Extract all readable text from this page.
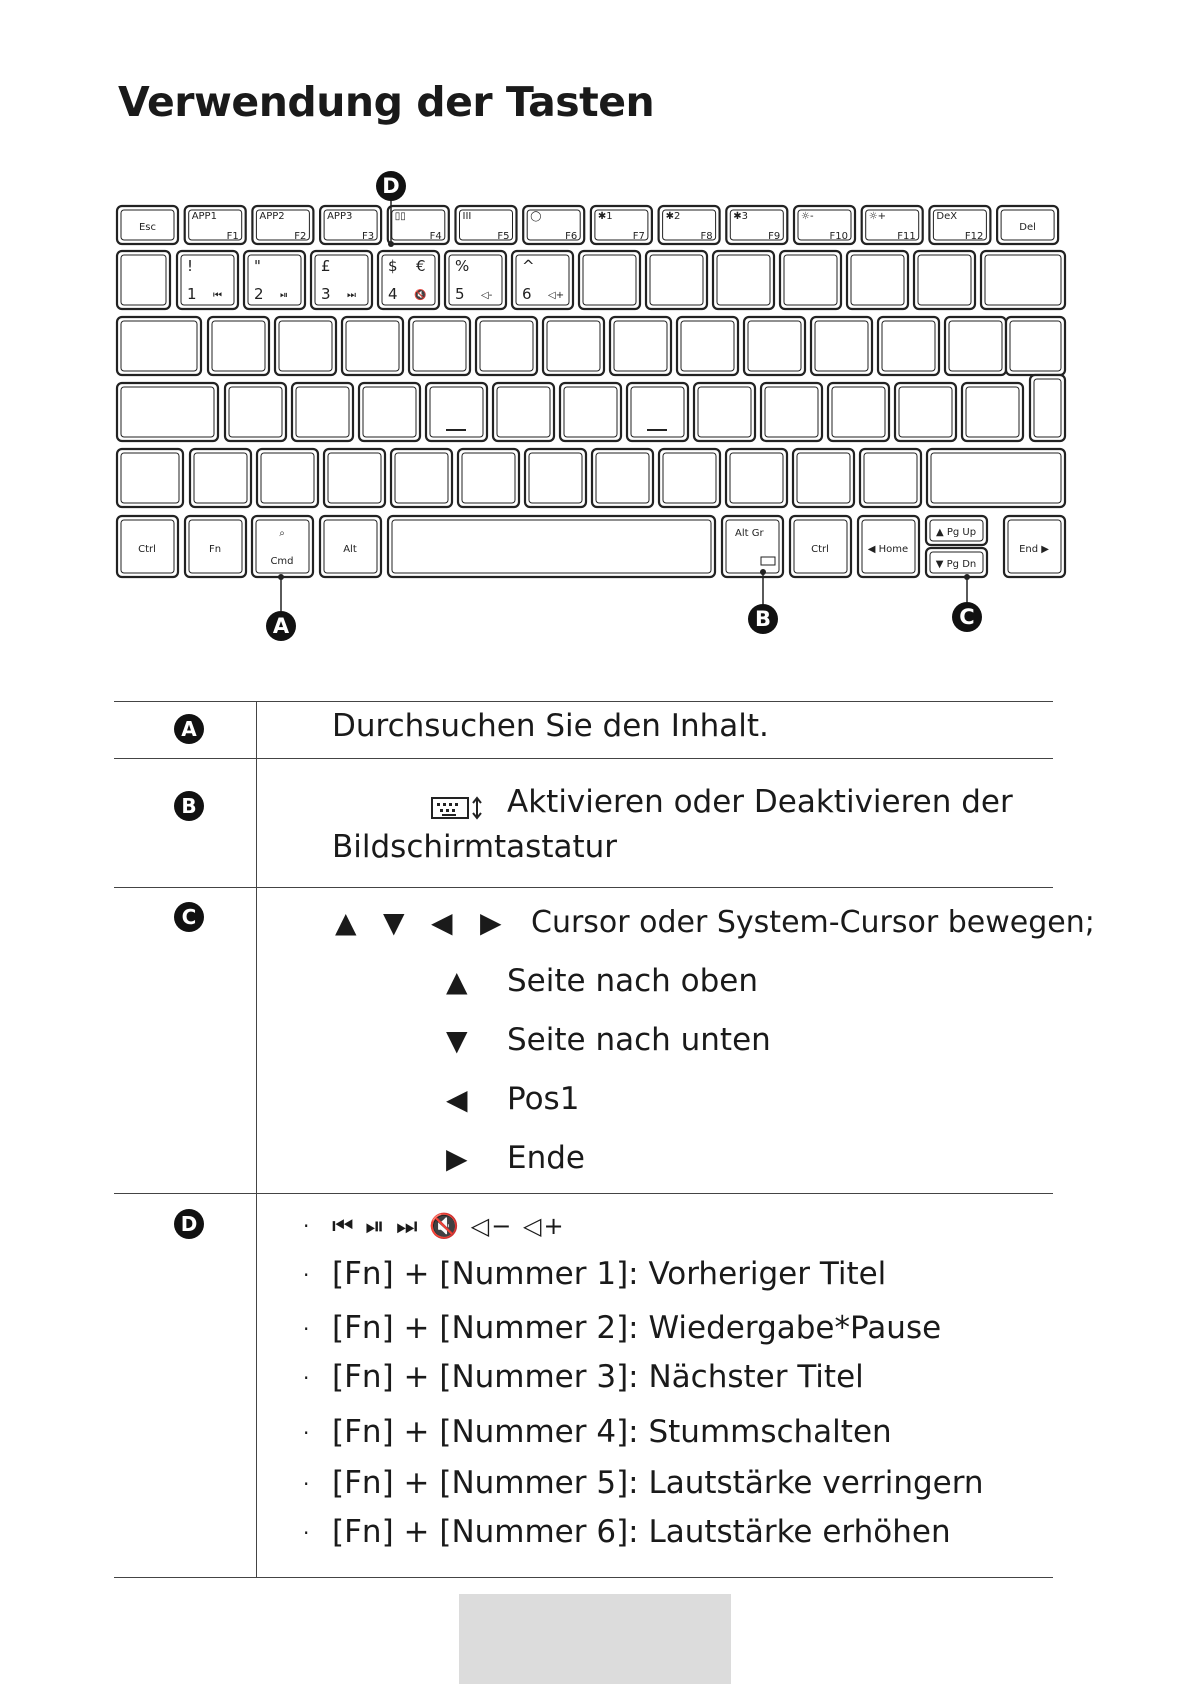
Verwendung der Tasten
Esc
APP1
F1
APP2
F2
APP3
F3
▯▯
F4
III
F5
◯
F6
✱1
F7
✱2
F8
✱3
F9
☼-
F10
☼+
F11
DeX
F12
Del
!
1 ⏮
"
2 ⏯
£
3 ⏭
$ €
4 🔇
%
5 ◁-
^
6 ◁+
Ctrl	Fn
Cmd
⌕
Alt
Alt Gr
Ctrl	◀ Home
▲ Pg Up
▼ Pg Dn
End ▶
A	B	C
D
A	Durchsuchen Sie den Inhalt.
B	Aktivieren oder Deaktivieren der
Bildschirmtastatur
C	▲ ▼ ◀ ▶ Cursor oder System-Cursor bewegen;
▲ Seite nach oben
▼ Seite nach unten
◀ Pos1
▶ Ende
D	· ⏮ ⏯ ⏭ 🔇 ◁− ◁+
· [Fn] + [Nummer 1]: Vorheriger Titel
· [Fn] + [Nummer 2]: Wiedergabe*Pause
· [Fn] + [Nummer 3]: Nächster Titel
· [Fn] + [Nummer 4]: Stummschalten
· [Fn] + [Nummer 5]: Lautstärke verringern
· [Fn] + [Nummer 6]: Lautstärke erhöhen
